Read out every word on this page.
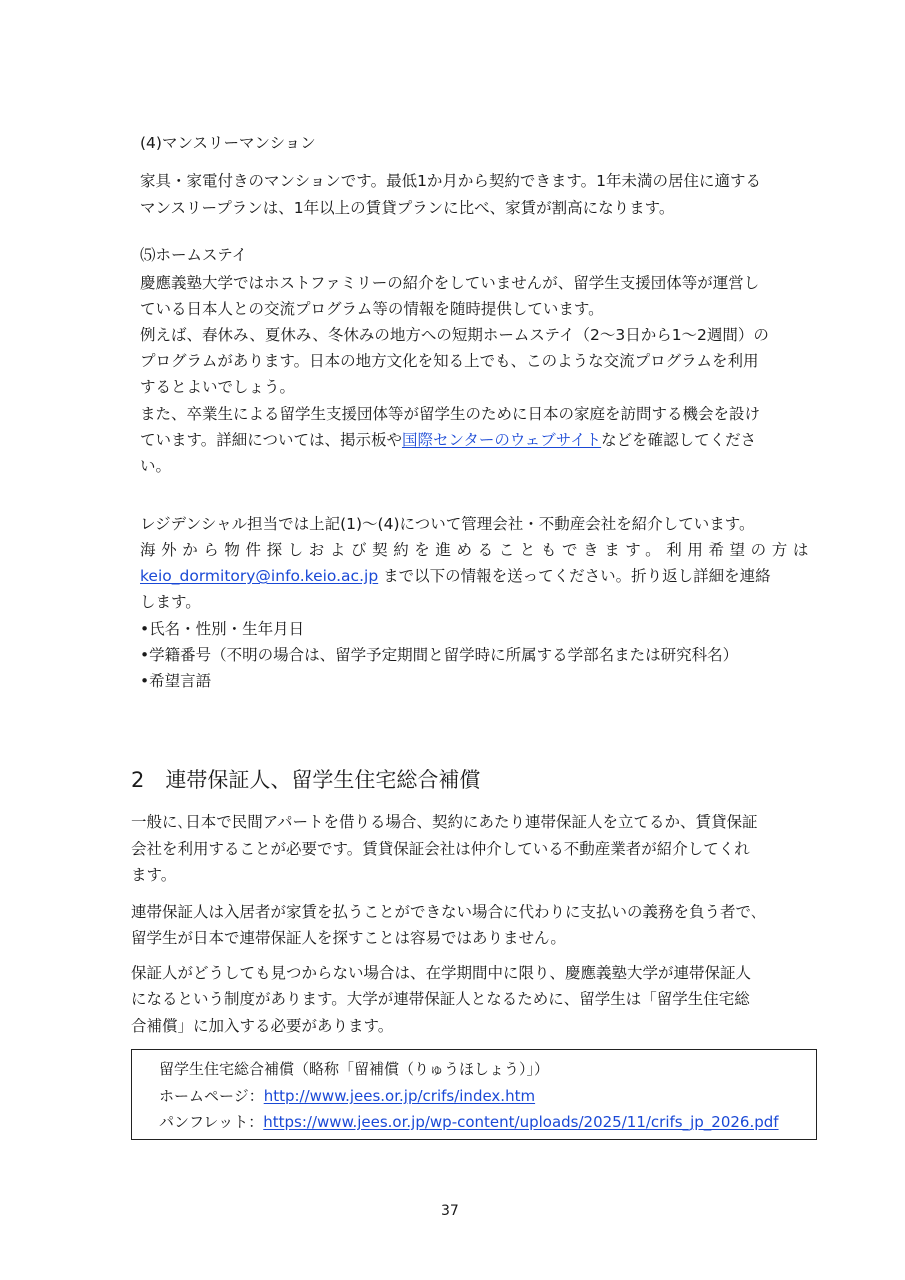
(4)マンスリーマンション
家具・家電付きのマンションです。最低1か月から契約できます。1年未満の居住に適する
マンスリープランは、1年以上の賃貸プランに比べ、家賃が割高になります。
⑸ホームステイ
慶應義塾大学ではホストファミリーの紹介をしていませんが、留学生支援団体等が運営し
ている日本人との交流プログラム等の情報を随時提供しています。
例えば、春休み、夏休み、冬休みの地方への短期ホームステイ（2〜3日から1〜2週間）の
プログラムがあります。日本の地方文化を知る上でも、このような交流プログラムを利用
するとよいでしょう。
また、卒業生による留学生支援団体等が留学生のために日本の家庭を訪問する機会を設け
ています。詳細については、掲示板や国際センターのウェブサイトなどを確認してくださ
い。
レジデンシャル担当では上記(1)〜(4)について管理会社・不動産会社を紹介しています。
海外から物件探しおよび契約を進めることもできます。利用希望の方は
keio_dormitory@info.keio.ac.jp まで以下の情報を送ってください。折り返し詳細を連絡
します。
•氏名・性別・生年月日
•学籍番号（不明の場合は、留学予定期間と留学時に所属する学部名または研究科名）
•希望言語
2　連帯保証人、留学生住宅総合補償
一般に､日本で民間アパートを借りる場合、契約にあたり連帯保証人を立てるか、賃貸保証
会社を利用することが必要です。賃貸保証会社は仲介している不動産業者が紹介してくれ
ます。
連帯保証人は入居者が家賃を払うことができない場合に代わりに支払いの義務を負う者で､
留学生が日本で連帯保証人を探すことは容易ではありません。
保証人がどうしても見つからない場合は、在学期間中に限り、慶應義塾大学が連帯保証人
になるという制度があります。大学が連帯保証人となるために、留学生は「留学生住宅総
合補償」に加入する必要があります。
留学生住宅総合補償（略称「留補償（りゅうほしょう）」）
ホームページ：http://www.jees.or.jp/crifs/index.htm
パンフレット：https://www.jees.or.jp/wp-content/uploads/2025/11/crifs_jp_2026.pdf
37
